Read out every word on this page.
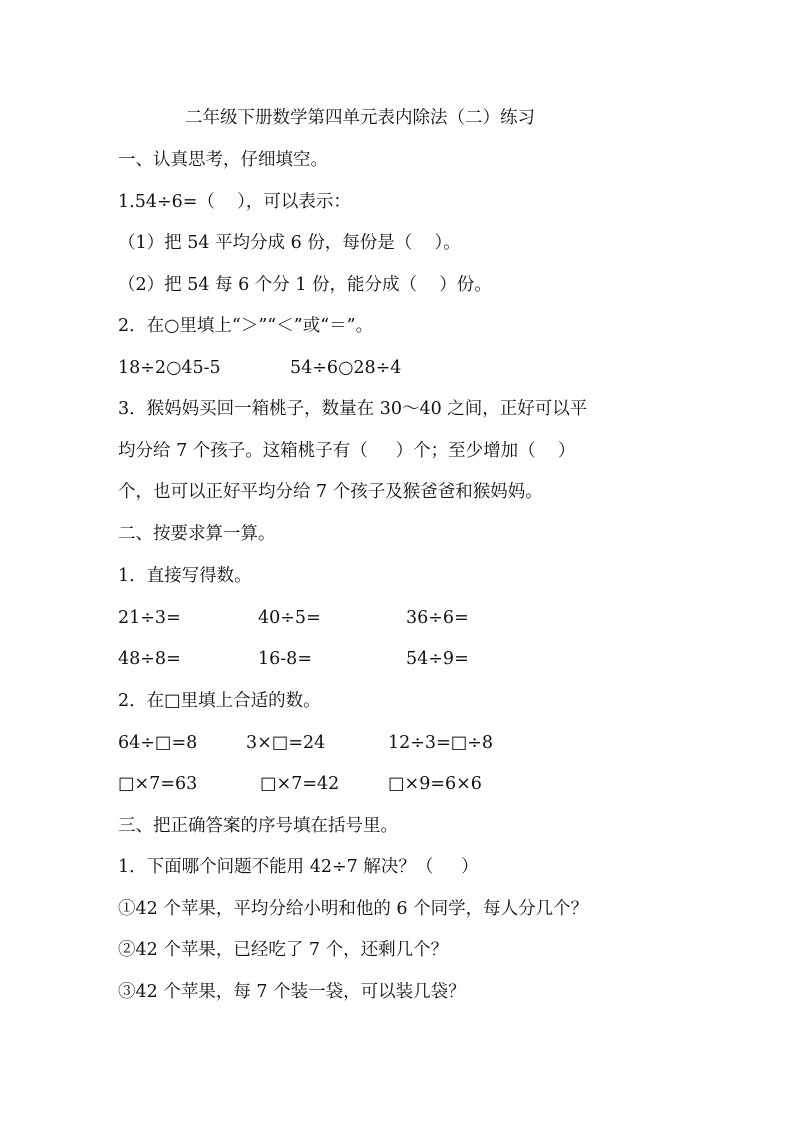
二年级下册数学第四单元表内除法（二）练习
一、认真思考，仔细填空。
1.54÷6=（    ），可以表示：
（1）把 54 平均分成 6 份，每份是（    ）。
（2）把 54 每 6 个分 1 份，能分成（    ）份。
2．在○里填上“＞”“＜”或“＝”。
18÷2○45-5	54÷6○28÷4
3．猴妈妈买回一箱桃子，数量在 30～40 之间，正好可以平
均分给 7 个孩子。这箱桃子有（     ）个；至少增加（    ）
个，也可以正好平均分给 7 个孩子及猴爸爸和猴妈妈。
二、按要求算一算。
1．直接写得数。
21÷3=	40÷5=	36÷6=
48÷8=	16-8=	54÷9=
2．在□里填上合适的数。
64÷□=8	3×□=24	12÷3=□÷8
□×7=63	□×7=42	□×9=6×6
三、把正确答案的序号填在括号里。
1．下面哪个问题不能用 42÷7 解决？（     ）
①42 个苹果，平均分给小明和他的 6 个同学，每人分几个？
②42 个苹果，已经吃了 7 个，还剩几个？
③42 个苹果，每 7 个装一袋，可以装几袋？
